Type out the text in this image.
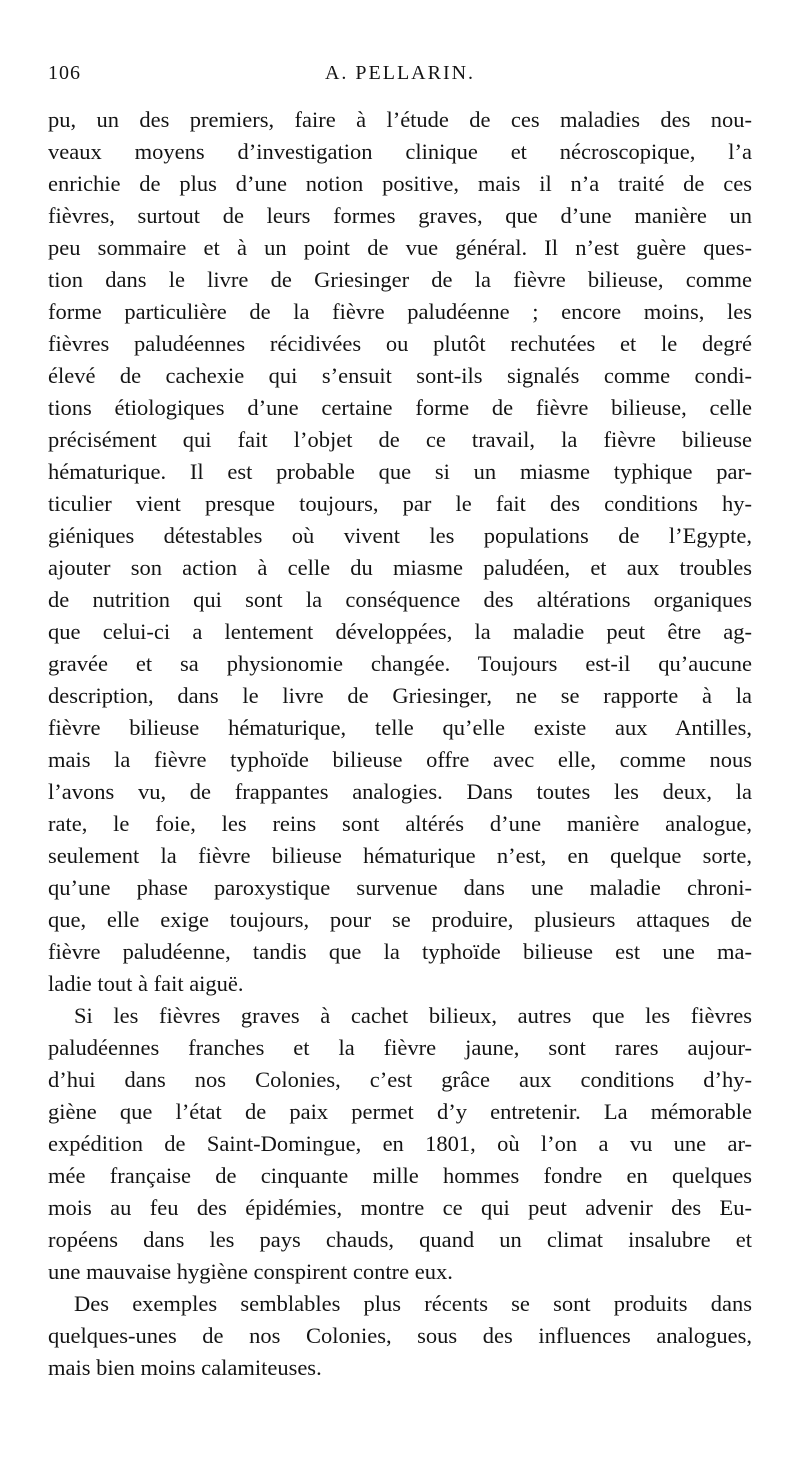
106	A. PELLARIN.
pu, un des premiers, faire à l’étude de ces maladies des nou-
veaux moyens d’investigation clinique et nécroscopique, l’a
enrichie de plus d’une notion positive, mais il n’a traité de ces
fièvres, surtout de leurs formes graves, que d’une manière un
peu sommaire et à un point de vue général. Il n’est guère ques-
tion dans le livre de Griesinger de la fièvre bilieuse, comme
forme particulière de la fièvre paludéenne ; encore moins, les
fièvres paludéennes récidivées ou plutôt rechutées et le degré
élevé de cachexie qui s’ensuit sont-ils signalés comme condi-
tions étiologiques d’une certaine forme de fièvre bilieuse, celle
précisément qui fait l’objet de ce travail, la fièvre bilieuse
hématurique. Il est probable que si un miasme typhique par-
ticulier vient presque toujours, par le fait des conditions hy-
giéniques détestables où vivent les populations de l’Egypte,
ajouter son action à celle du miasme paludéen, et aux troubles
de nutrition qui sont la conséquence des altérations organiques
que celui-ci a lentement développées, la maladie peut être ag-
gravée et sa physionomie changée. Toujours est-il qu’aucune
description, dans le livre de Griesinger, ne se rapporte à la
fièvre bilieuse hématurique, telle qu’elle existe aux Antilles,
mais la fièvre typhoïde bilieuse offre avec elle, comme nous
l’avons vu, de frappantes analogies. Dans toutes les deux, la
rate, le foie, les reins sont altérés d’une manière analogue,
seulement la fièvre bilieuse hématurique n’est, en quelque sorte,
qu’une phase paroxystique survenue dans une maladie chroni-
que, elle exige toujours, pour se produire, plusieurs attaques de
fièvre paludéenne, tandis que la typhoïde bilieuse est une ma-
ladie tout à fait aiguë.
Si les fièvres graves à cachet bilieux, autres que les fièvres
paludéennes franches et la fièvre jaune, sont rares aujour-
d’hui dans nos Colonies, c’est grâce aux conditions d’hy-
giène que l’état de paix permet d’y entretenir. La mémorable
expédition de Saint-Domingue, en 1801, où l’on a vu une ar-
mée française de cinquante mille hommes fondre en quelques
mois au feu des épidémies, montre ce qui peut advenir des Eu-
ropéens dans les pays chauds, quand un climat insalubre et
une mauvaise hygiène conspirent contre eux.
Des exemples semblables plus récents se sont produits dans
quelques-unes de nos Colonies, sous des influences analogues,
mais bien moins calamiteuses.
